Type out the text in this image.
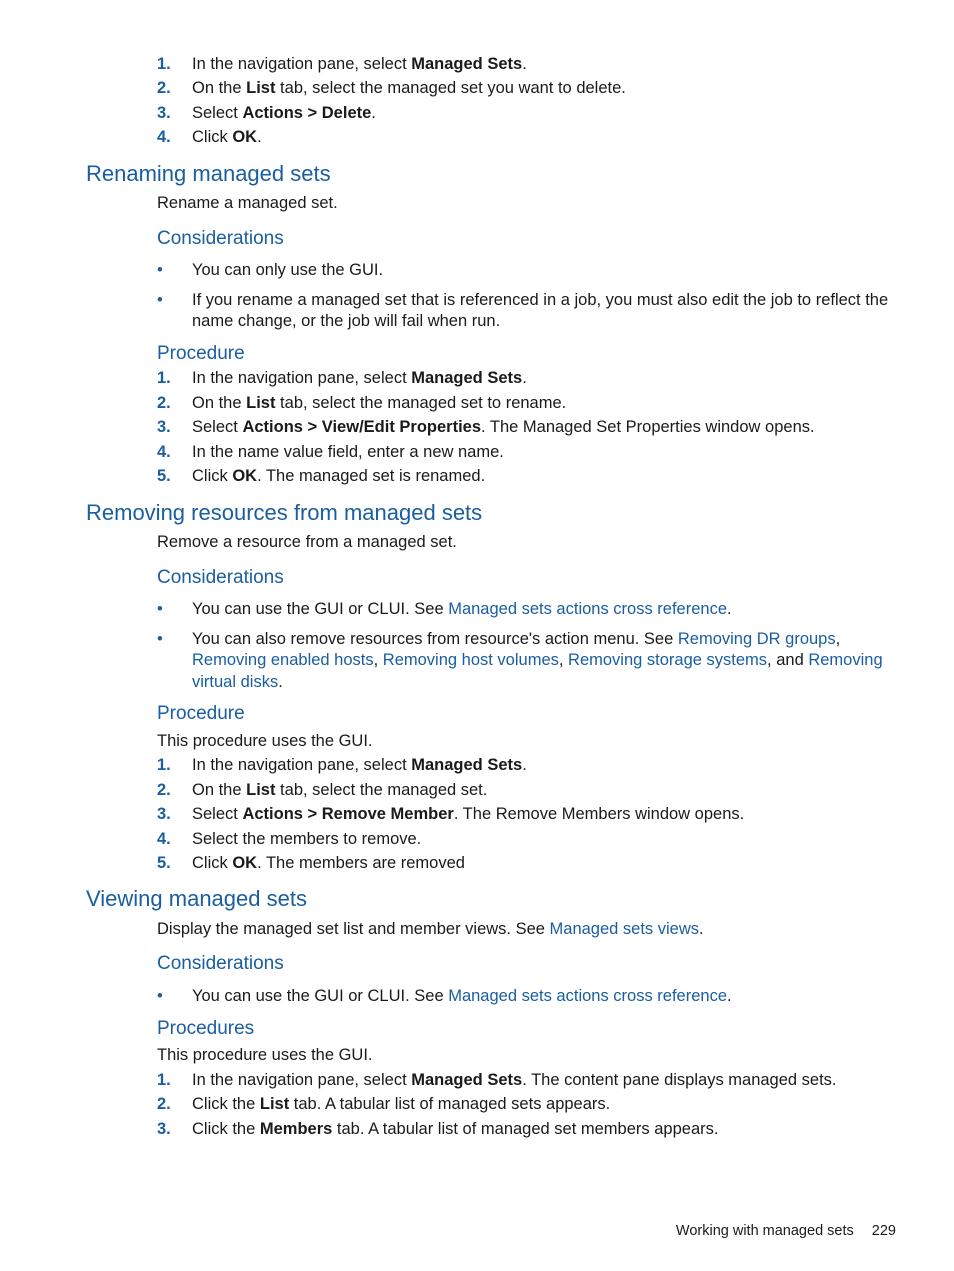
1. In the navigation pane, select Managed Sets.
2. On the List tab, select the managed set you want to delete.
3. Select Actions > Delete.
4. Click OK.
Renaming managed sets

Rename a managed set.

Considerations
• You can only use the GUI.
• If you rename a managed set that is referenced in a job, you must also edit the job to reflect the name change, or the job will fail when run.
Procedure
1. In the navigation pane, select Managed Sets.
2. On the List tab, select the managed set to rename.
3. Select Actions > View/Edit Properties. The Managed Set Properties window opens.
4. In the name value field, enter a new name.
5. Click OK. The managed set is renamed.
Removing resources from managed sets

Remove a resource from a managed set.

Considerations
• You can use the GUI or CLUI. See Managed sets actions cross reference.
• You can also remove resources from resource's action menu. See Removing DR groups, Removing enabled hosts, Removing host volumes, Removing storage systems, and Removing virtual disks.
Procedure

This procedure uses the GUI.

1. In the navigation pane, select Managed Sets.
2. On the List tab, select the managed set.
3. Select Actions > Remove Member. The Remove Members window opens.
4. Select the members to remove.
5. Click OK. The members are removed
Viewing managed sets

Display the managed set list and member views. See Managed sets views.

Considerations
• You can use the GUI or CLUI. See Managed sets actions cross reference.
Procedures

This procedure uses the GUI.

1. In the navigation pane, select Managed Sets. The content pane displays managed sets.
2. Click the List tab. A tabular list of managed sets appears.
3. Click the Members tab. A tabular list of managed set members appears.
Working with managed sets 229
